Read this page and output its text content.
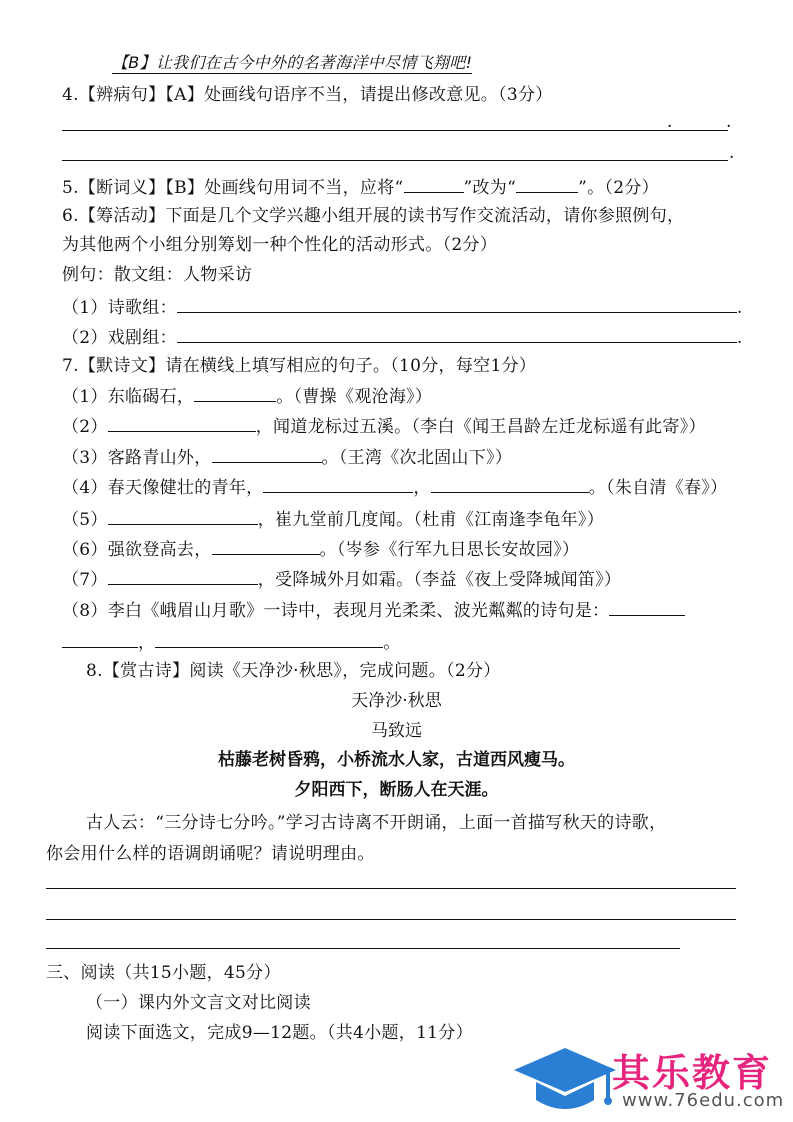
【B】让我们在古今中外的名著海洋中尽情飞翔吧!
4.【辨病句】【A】处画线句语序不当，请提出修改意见。（3分）
.	.
.
5.【断词义】【B】处画线句用词不当，应将“	”改为“	”。（2分）
6.【筹活动】下面是几个文学兴趣小组开展的读书写作交流活动，请你参照例句，
为其他两个小组分别筹划一种个性化的活动形式。（2分）
例句：散文组：人物采访
（1）诗歌组：	.
（2）戏剧组：	.
7.【默诗文】请在横线上填写相应的句子。（10分，每空1分）
（1）东临碣石，	。（曹操《观沧海》）
（2）	，闻道龙标过五溪。（李白《闻王昌龄左迁龙标遥有此寄》）
（3）客路青山外，	。（王湾《次北固山下》）
（4）春天像健壮的青年，	，	。（朱自清《春》）
（5）	，崔九堂前几度闻。（杜甫《江南逢李龟年》）
（6）强欲登高去，	。（岑参《行军九日思长安故园》）
（7）	，受降城外月如霜。（李益《夜上受降城闻笛》）
（8）李白《峨眉山月歌》一诗中，表现月光柔柔、波光粼粼的诗句是：
，	。
8.【赏古诗】阅读《天净沙·秋思》，完成问题。（2分）
天净沙·秋思
马致远
枯藤老树昏鸦，小桥流水人家，古道西风瘦马。
夕阳西下，断肠人在天涯。
古人云：“三分诗七分吟。”学习古诗离不开朗诵，上面一首描写秋天的诗歌，
你会用什么样的语调朗诵呢？请说明理由。
三、阅读（共15小题，45分）
（一）课内外文言文对比阅读
阅读下面选文，完成9—12题。（共4小题，11分）
其乐教育
www.76edu.com
